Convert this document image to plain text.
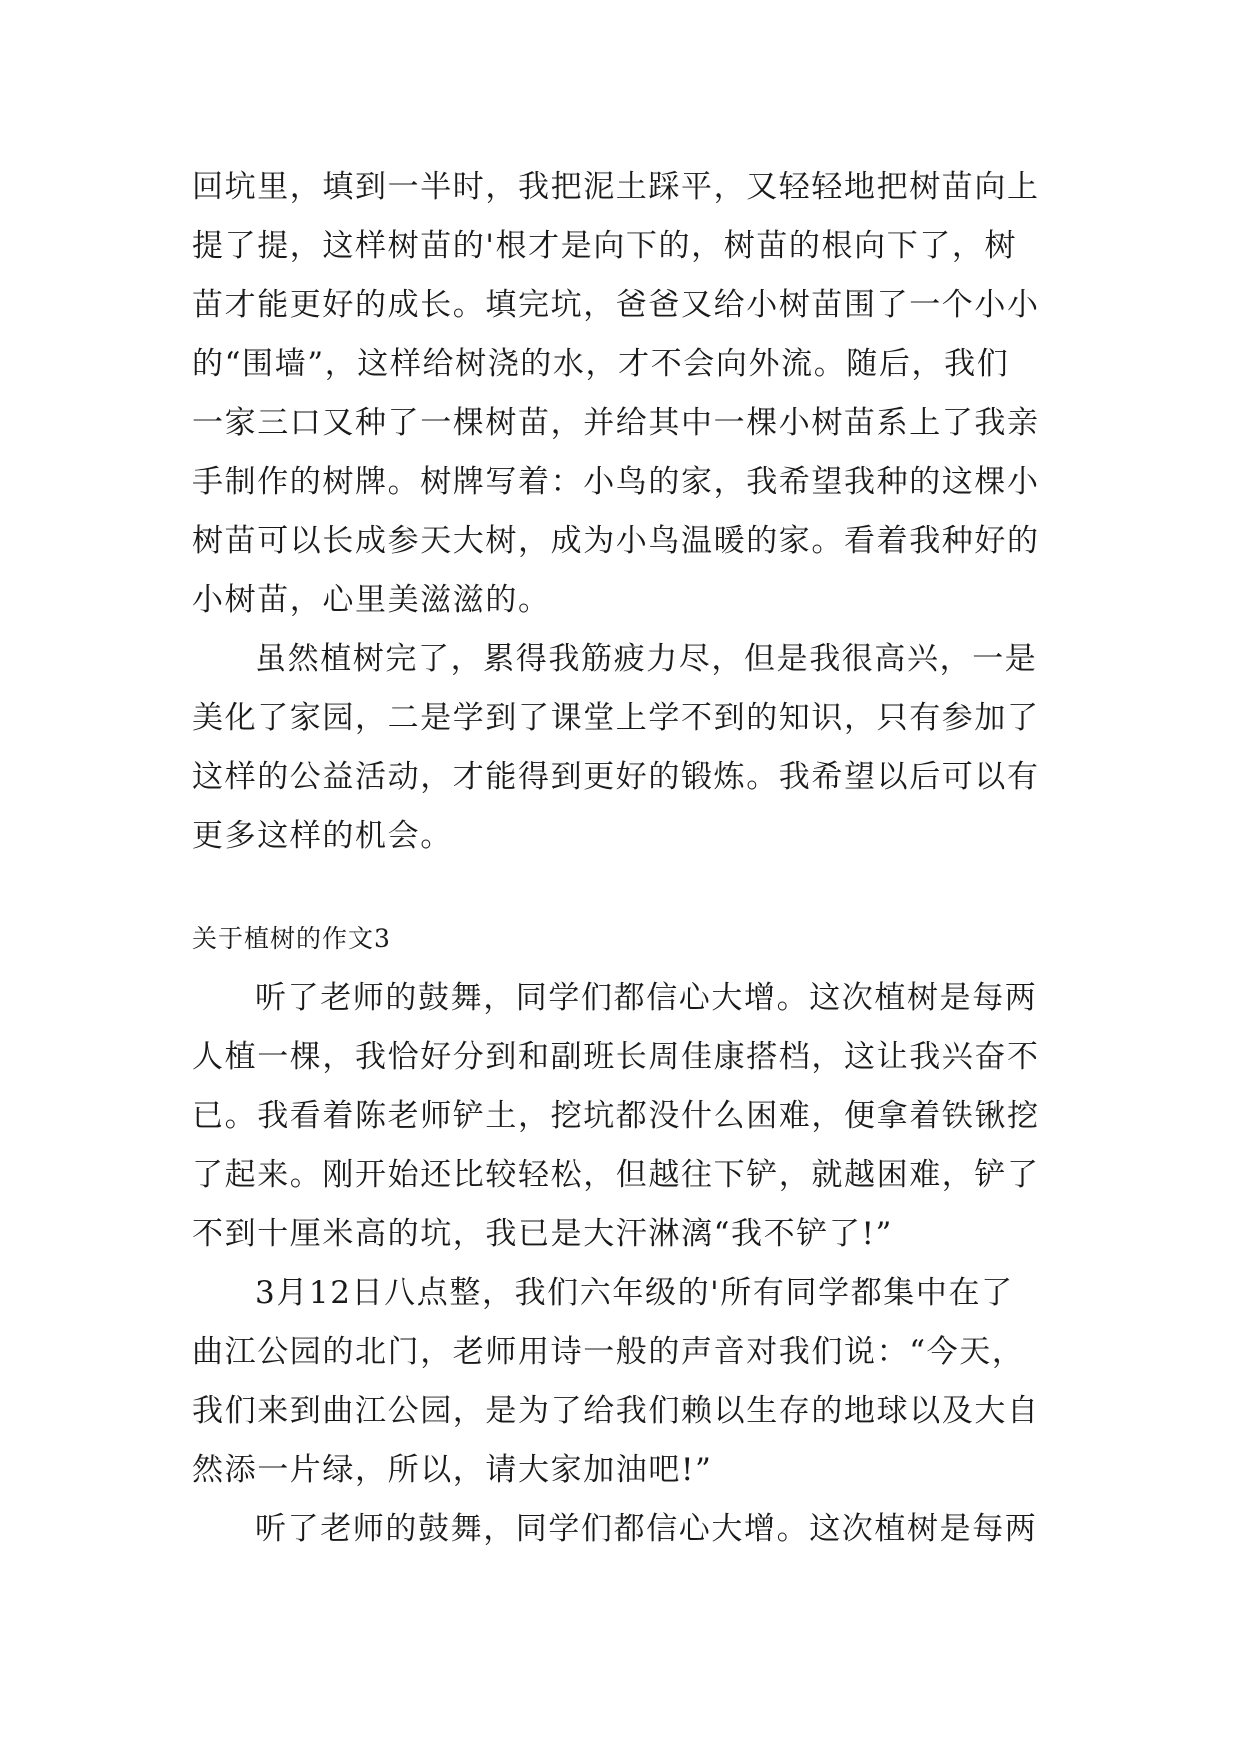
回坑里，填到一半时，我把泥土踩平，又轻轻地把树苗向上
提了提，这样树苗的'根才是向下的，树苗的根向下了，树
苗才能更好的成长。填完坑，爸爸又给小树苗围了一个小小
的“围墙”，这样给树浇的水，才不会向外流。随后，我们
一家三口又种了一棵树苗，并给其中一棵小树苗系上了我亲
手制作的树牌。树牌写着：小鸟的家，我希望我种的这棵小
树苗可以长成参天大树，成为小鸟温暖的家。看着我种好的
小树苗，心里美滋滋的。
虽然植树完了，累得我筋疲力尽，但是我很高兴，一是
美化了家园，二是学到了课堂上学不到的知识，只有参加了
这样的公益活动，才能得到更好的锻炼。我希望以后可以有
更多这样的机会。
关于植树的作文3
听了老师的鼓舞，同学们都信心大增。这次植树是每两
人植一棵，我恰好分到和副班长周佳康搭档，这让我兴奋不
已。我看着陈老师铲土，挖坑都没什么困难，便拿着铁锹挖
了起来。刚开始还比较轻松，但越往下铲，就越困难，铲了
不到十厘米高的坑，我已是大汗淋漓“我不铲了!”
3月12日八点整，我们六年级的'所有同学都集中在了
曲江公园的北门，老师用诗一般的声音对我们说：“今天，
我们来到曲江公园，是为了给我们赖以生存的地球以及大自
然添一片绿，所以，请大家加油吧!”
听了老师的鼓舞，同学们都信心大增。这次植树是每两
